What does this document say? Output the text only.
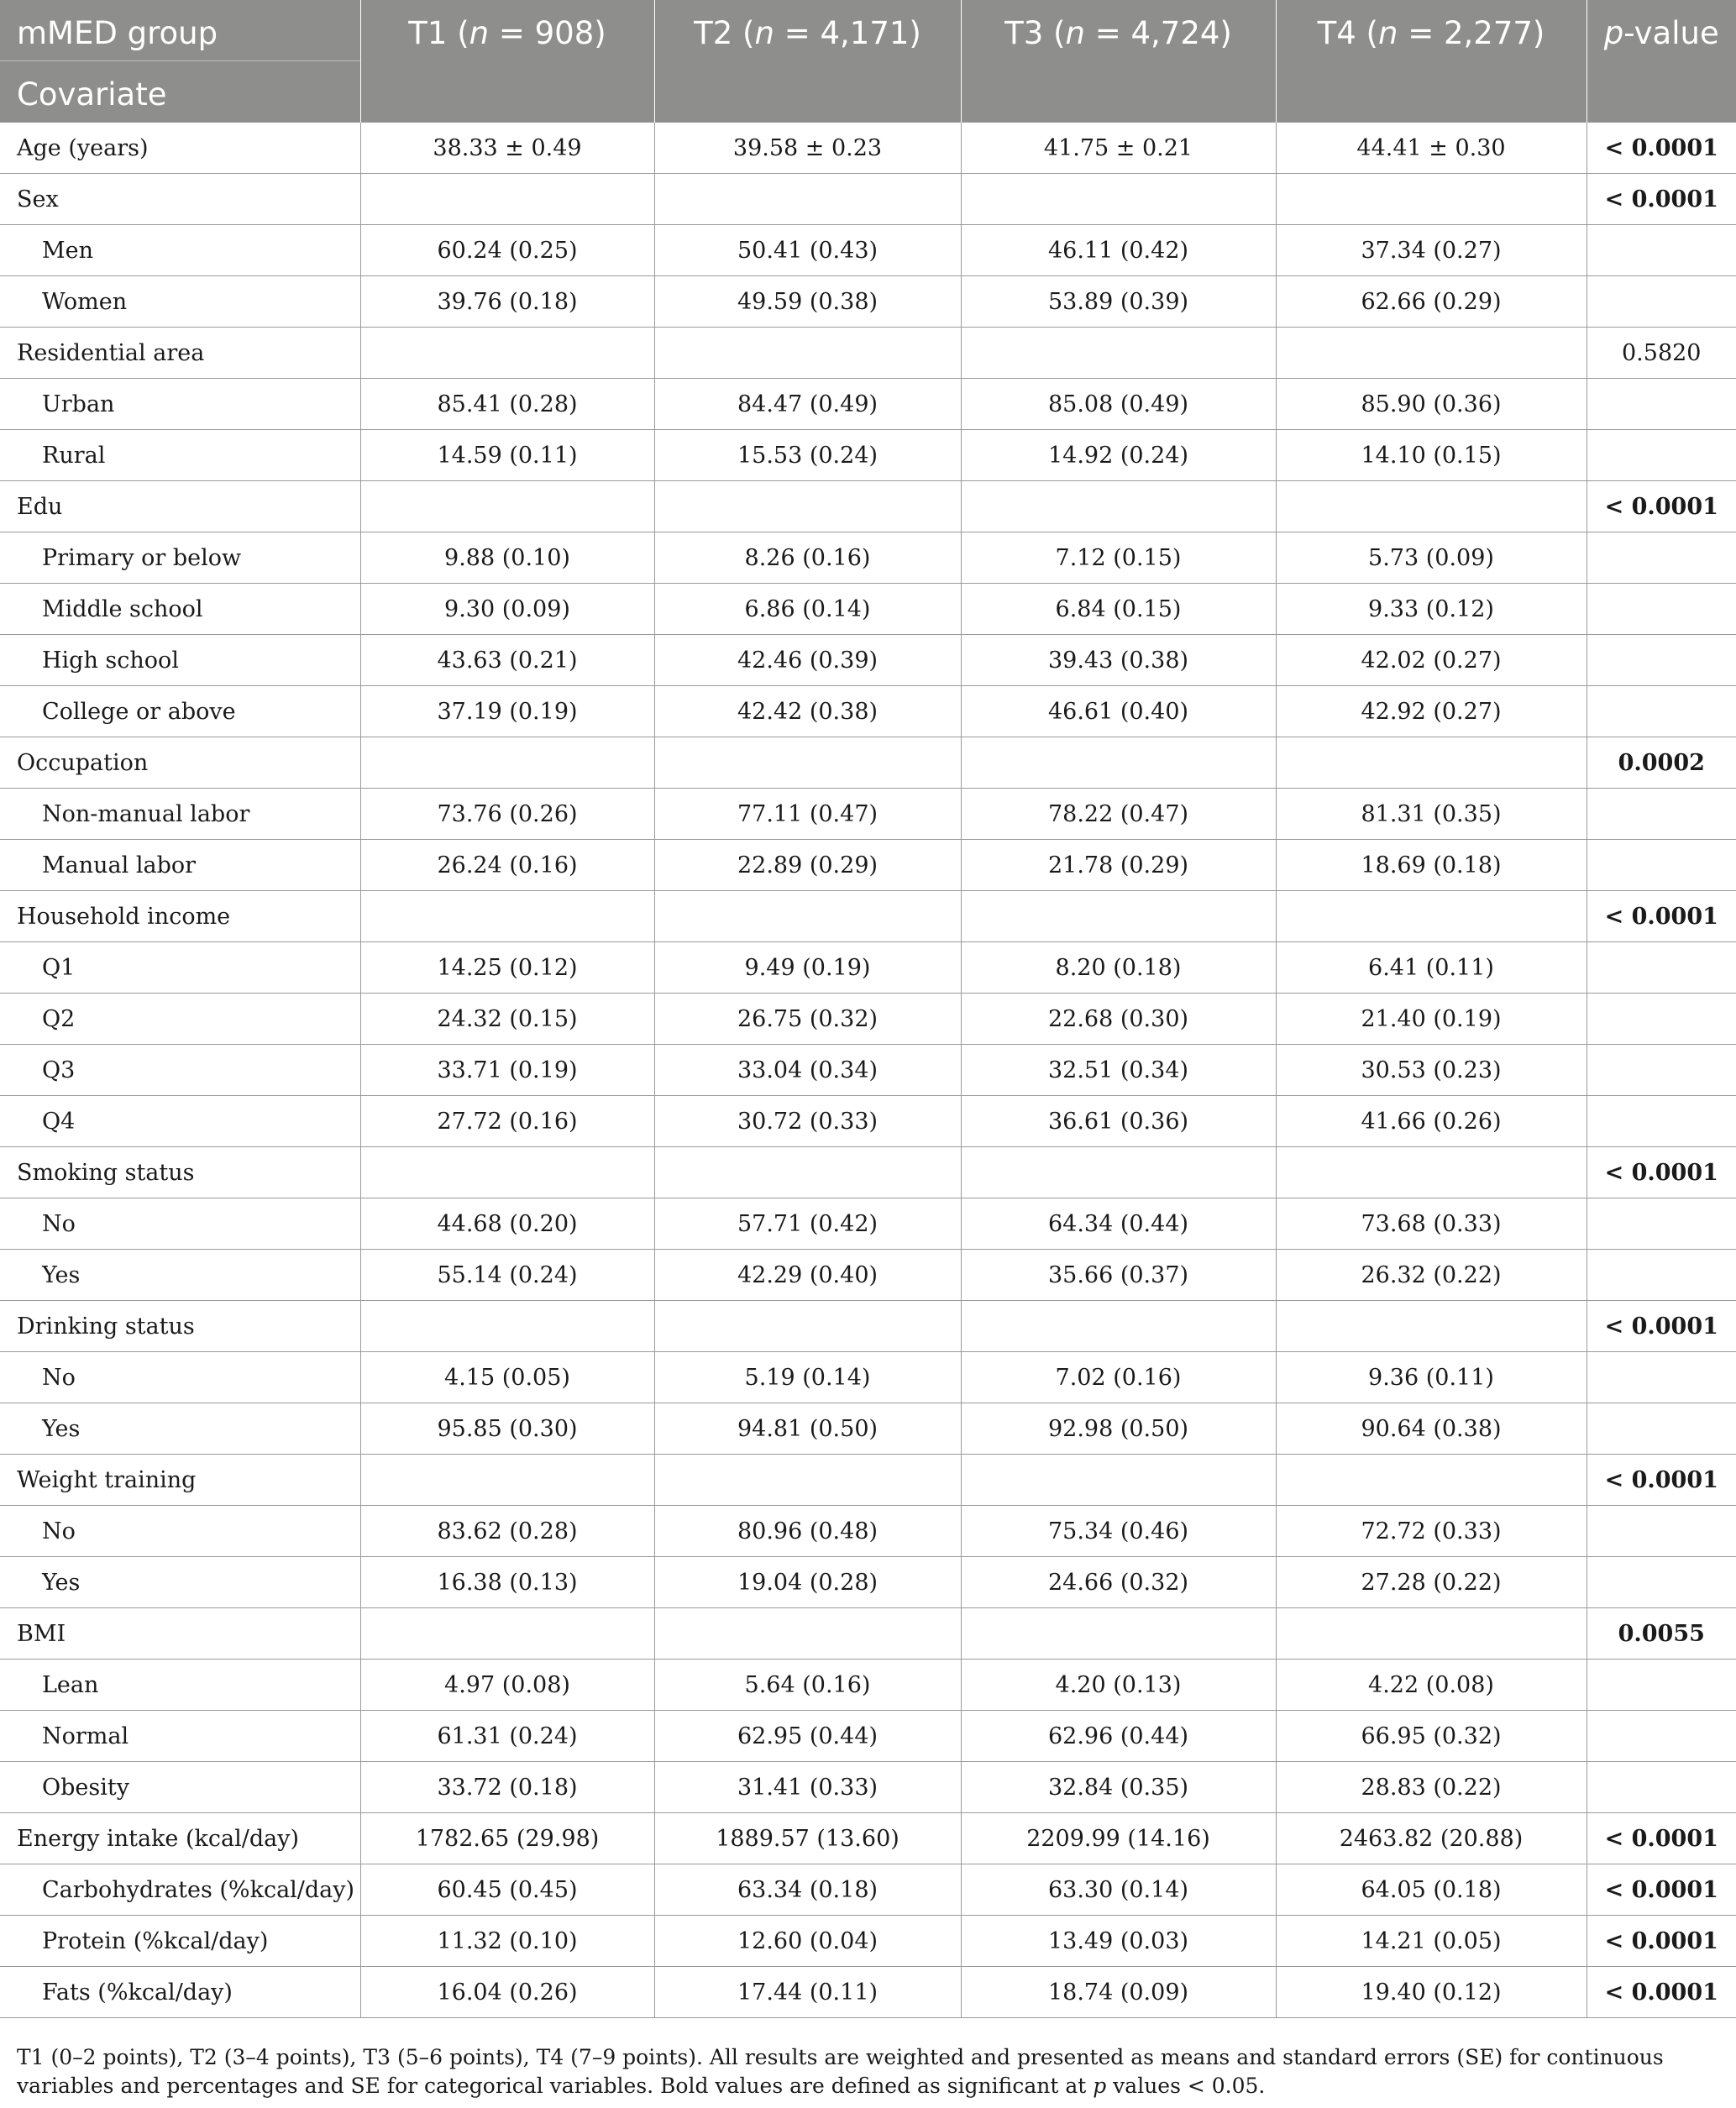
mMED group
Covariate	T1 (n = 908)	T2 (n = 4,171)	T3 (n = 4,724)	T4 (n = 2,277)	p-value

Age (years)	38.33 ± 0.49	39.58 ± 0.23	41.75 ± 0.21	44.41 ± 0.30	< 0.0001
Sex					< 0.0001
Men	60.24 (0.25)	50.41 (0.43)	46.11 (0.42)	37.34 (0.27)	
Women	39.76 (0.18)	49.59 (0.38)	53.89 (0.39)	62.66 (0.29)	
Residential area					0.5820
Urban	85.41 (0.28)	84.47 (0.49)	85.08 (0.49)	85.90 (0.36)	
Rural	14.59 (0.11)	15.53 (0.24)	14.92 (0.24)	14.10 (0.15)	
Edu					< 0.0001
Primary or below	9.88 (0.10)	8.26 (0.16)	7.12 (0.15)	5.73 (0.09)	
Middle school	9.30 (0.09)	6.86 (0.14)	6.84 (0.15)	9.33 (0.12)	
High school	43.63 (0.21)	42.46 (0.39)	39.43 (0.38)	42.02 (0.27)	
College or above	37.19 (0.19)	42.42 (0.38)	46.61 (0.40)	42.92 (0.27)	
Occupation					0.0002
Non-manual labor	73.76 (0.26)	77.11 (0.47)	78.22 (0.47)	81.31 (0.35)	
Manual labor	26.24 (0.16)	22.89 (0.29)	21.78 (0.29)	18.69 (0.18)	
Household income					< 0.0001
Q1	14.25 (0.12)	9.49 (0.19)	8.20 (0.18)	6.41 (0.11)	
Q2	24.32 (0.15)	26.75 (0.32)	22.68 (0.30)	21.40 (0.19)	
Q3	33.71 (0.19)	33.04 (0.34)	32.51 (0.34)	30.53 (0.23)	
Q4	27.72 (0.16)	30.72 (0.33)	36.61 (0.36)	41.66 (0.26)	
Smoking status					< 0.0001
No	44.68 (0.20)	57.71 (0.42)	64.34 (0.44)	73.68 (0.33)	
Yes	55.14 (0.24)	42.29 (0.40)	35.66 (0.37)	26.32 (0.22)	
Drinking status					< 0.0001
No	4.15 (0.05)	5.19 (0.14)	7.02 (0.16)	9.36 (0.11)	
Yes	95.85 (0.30)	94.81 (0.50)	92.98 (0.50)	90.64 (0.38)	
Weight training					< 0.0001
No	83.62 (0.28)	80.96 (0.48)	75.34 (0.46)	72.72 (0.33)	
Yes	16.38 (0.13)	19.04 (0.28)	24.66 (0.32)	27.28 (0.22)	
BMI					0.0055
Lean	4.97 (0.08)	5.64 (0.16)	4.20 (0.13)	4.22 (0.08)	
Normal	61.31 (0.24)	62.95 (0.44)	62.96 (0.44)	66.95 (0.32)	
Obesity	33.72 (0.18)	31.41 (0.33)	32.84 (0.35)	28.83 (0.22)	
Energy intake (kcal/day)	1782.65 (29.98)	1889.57 (13.60)	2209.99 (14.16)	2463.82 (20.88)	< 0.0001
Carbohydrates (%kcal/day)	60.45 (0.45)	63.34 (0.18)	63.30 (0.14)	64.05 (0.18)	< 0.0001
Protein (%kcal/day)	11.32 (0.10)	12.60 (0.04)	13.49 (0.03)	14.21 (0.05)	< 0.0001
Fats (%kcal/day)	16.04 (0.26)	17.44 (0.11)	18.74 (0.09)	19.40 (0.12)	< 0.0001
T1 (0–2 points), T2 (3–4 points), T3 (5–6 points), T4 (7–9 points). All results are weighted and presented as means and standard errors (SE) for continuous variables and percentages and SE for categorical variables. Bold values are defined as significant at p values < 0.05.
